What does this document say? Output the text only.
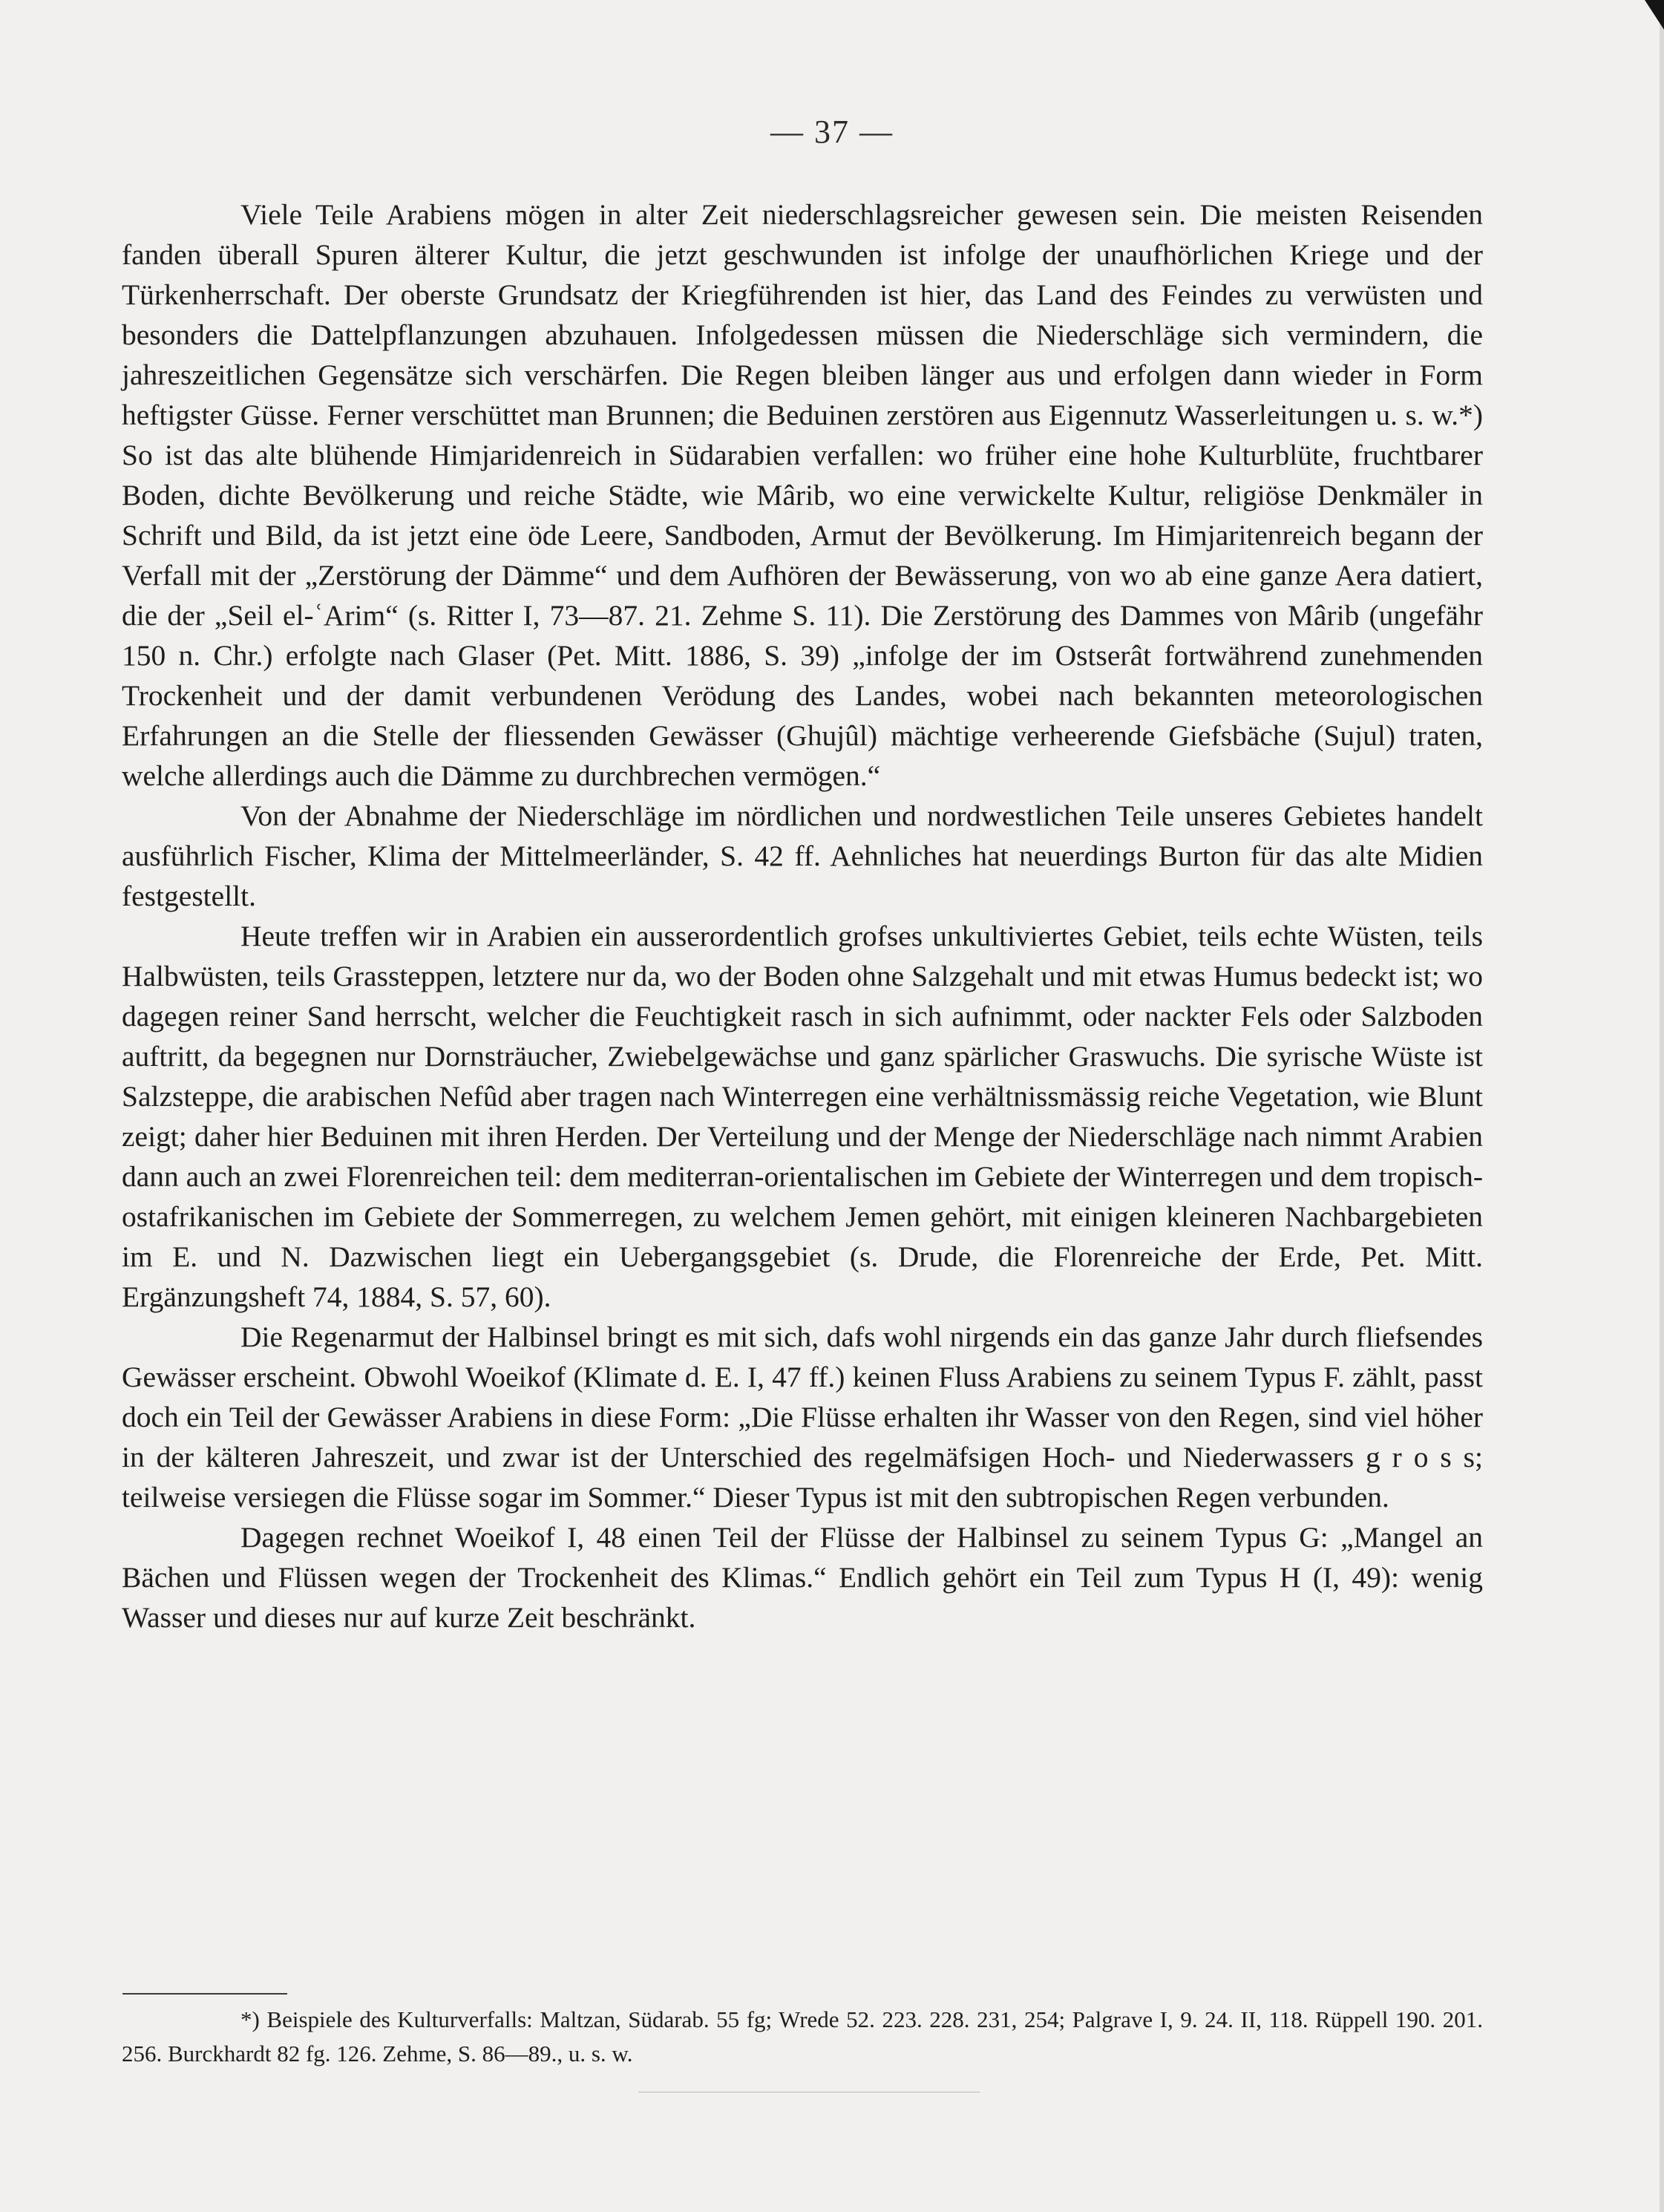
— 37 —

Viele Teile Arabiens mögen in alter Zeit niederschlagsreicher gewesen sein. Die meisten Reisenden fanden überall Spuren älterer Kultur, die jetzt geschwunden ist infolge der unaufhörlichen Kriege und der Türkenherrschaft. Der oberste Grundsatz der Kriegführenden ist hier, das Land des Feindes zu verwüsten und besonders die Dattelpflanzungen abzuhauen. Infolgedessen müssen die Niederschläge sich vermindern, die jahreszeitlichen Gegensätze sich verschärfen. Die Regen bleiben länger aus und erfolgen dann wieder in Form heftigster Güsse. Ferner verschüttet man Brunnen; die Beduinen zerstören aus Eigennutz Wasserleitungen u. s. w.*) So ist das alte blühende Himjaridenreich in Südarabien verfallen: wo früher eine hohe Kulturblüte, fruchtbarer Boden, dichte Bevölkerung und reiche Städte, wie Mârib, wo eine verwickelte Kultur, religiöse Denkmäler in Schrift und Bild, da ist jetzt eine öde Leere, Sandboden, Armut der Bevölkerung. Im Himjaritenreich begann der Verfall mit der „Zerstörung der Dämme“ und dem Aufhören der Bewässerung, von wo ab eine ganze Aera datiert, die der „Seil el-ʿArim“ (s. Ritter I, 73—87. 21. Zehme S. 11). Die Zerstörung des Dammes von Mârib (ungefähr 150 n. Chr.) erfolgte nach Glaser (Pet. Mitt. 1886, S. 39) „infolge der im Ostserât fortwährend zunehmenden Trockenheit und der damit verbundenen Verödung des Landes, wobei nach bekannten meteorologischen Erfahrungen an die Stelle der fliessenden Gewässer (Ghujûl) mächtige verheerende Giefsbäche (Sujul) traten, welche allerdings auch die Dämme zu durchbrechen vermögen.“

Von der Abnahme der Niederschläge im nördlichen und nordwestlichen Teile unseres Gebietes handelt ausführlich Fischer, Klima der Mittelmeerländer, S. 42 ff. Aehnliches hat neuerdings Burton für das alte Midien festgestellt.

Heute treffen wir in Arabien ein ausserordentlich grofses unkultiviertes Gebiet, teils echte Wüsten, teils Halbwüsten, teils Grassteppen, letztere nur da, wo der Boden ohne Salzgehalt und mit etwas Humus bedeckt ist; wo dagegen reiner Sand herrscht, welcher die Feuchtigkeit rasch in sich aufnimmt, oder nackter Fels oder Salzboden auftritt, da begegnen nur Dornsträucher, Zwiebelgewächse und ganz spärlicher Graswuchs. Die syrische Wüste ist Salzsteppe, die arabischen Nefûd aber tragen nach Winterregen eine verhältnissmässig reiche Vegetation, wie Blunt zeigt; daher hier Beduinen mit ihren Herden. Der Verteilung und der Menge der Niederschläge nach nimmt Arabien dann auch an zwei Florenreichen teil: dem mediterran-orientalischen im Gebiete der Winterregen und dem tropisch-ostafrikanischen im Gebiete der Sommerregen, zu welchem Jemen gehört, mit einigen kleineren Nachbargebieten im E. und N. Dazwischen liegt ein Uebergangsgebiet (s. Drude, die Florenreiche der Erde, Pet. Mitt. Ergänzungsheft 74, 1884, S. 57, 60).

Die Regenarmut der Halbinsel bringt es mit sich, dafs wohl nirgends ein das ganze Jahr durch fliefsendes Gewässer erscheint. Obwohl Woeikof (Klimate d. E. I, 47 ff.) keinen Fluss Arabiens zu seinem Typus F. zählt, passt doch ein Teil der Gewässer Arabiens in diese Form: „Die Flüsse erhalten ihr Wasser von den Regen, sind viel höher in der kälteren Jahreszeit, und zwar ist der Unterschied des regelmäfsigen Hoch- und Niederwassers g r o s s; teilweise versiegen die Flüsse sogar im Sommer.“ Dieser Typus ist mit den subtropischen Regen verbunden.

Dagegen rechnet Woeikof I, 48 einen Teil der Flüsse der Halbinsel zu seinem Typus G: „Mangel an Bächen und Flüssen wegen der Trockenheit des Klimas.“ Endlich gehört ein Teil zum Typus H (I, 49): wenig Wasser und dieses nur auf kurze Zeit beschränkt.

*) Beispiele des Kulturverfalls: Maltzan, Südarab. 55 fg; Wrede 52. 223. 228. 231, 254; Palgrave I, 9. 24. II, 118. Rüppell 190. 201. 256. Burckhardt 82 fg. 126. Zehme, S. 86—89., u. s. w.
